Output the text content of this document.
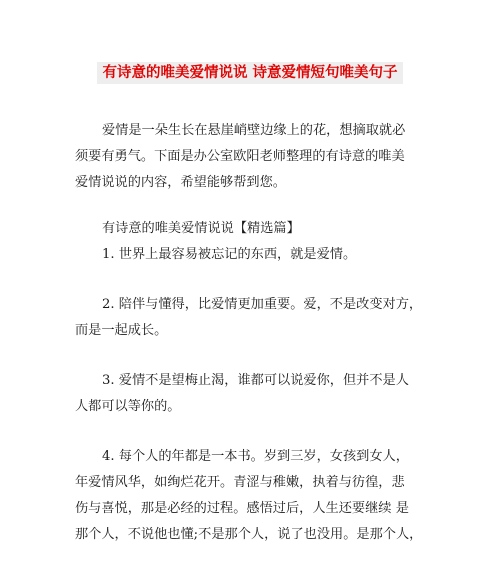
有诗意的唯美爱情说说 诗意爱情短句唯美句子

爱情是一朵生长在悬崖峭壁边缘上的花，想摘取就必

须要有勇气。下面是办公室欧阳老师整理的有诗意的唯美

爱情说说的内容，希望能够帮到您。

有诗意的唯美爱情说说【精选篇】

1. 世界上最容易被忘记的东西，就是爱情。

2. 陪伴与懂得，比爱情更加重要。爱，不是改变对方，

而是一起成长。

3. 爱情不是望梅止渴，谁都可以说爱你，但并不是人

人都可以等你的。

4. 每个人的年都是一本书。岁到三岁，女孩到女人，

年爱情风华，如绚烂花开。青涩与稚嫩，执着与彷徨，悲

伤与喜悦，那是必经的过程。感悟过后，人生还要继续 是

那个人，不说他也懂;不是那个人，说了也没用。是那个人，
